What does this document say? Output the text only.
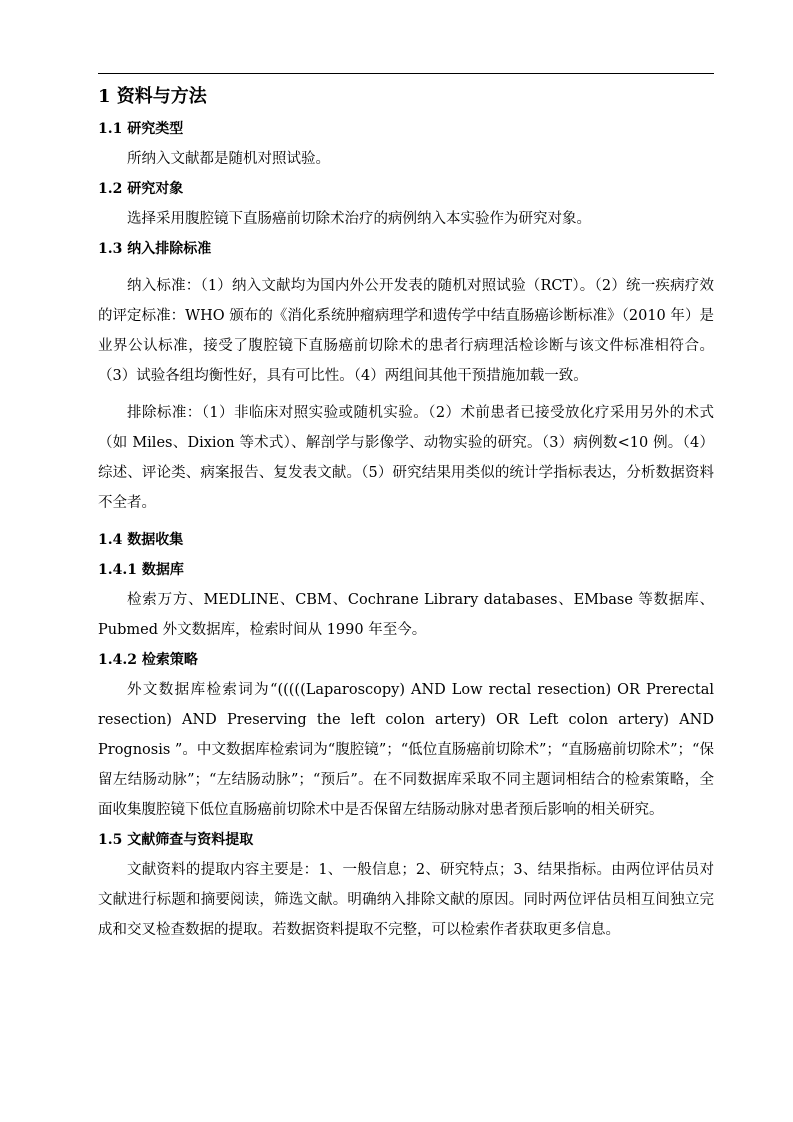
1 资料与方法
1.1 研究类型

所纳入文献都是随机对照试验。

1.2 研究对象

选择采用腹腔镜下直肠癌前切除术治疗的病例纳入本实验作为研究对象。

1.3 纳入排除标准

纳入标准：（1）纳入文献均为国内外公开发表的随机对照试验（RCT）。（2）统一疾病疗效的评定标准：WHO 颁布的《消化系统肿瘤病理学和遗传学中结直肠癌诊断标准》（2010 年）是业界公认标准，接受了腹腔镜下直肠癌前切除术的患者行病理活检诊断与该文件标准相符合。（3）试验各组均衡性好，具有可比性。（4）两组间其他干预措施加载一致。

排除标准：（1）非临床对照实验或随机实验。（2）术前患者已接受放化疗采用另外的术式（如 Miles、Dixion 等术式）、解剖学与影像学、动物实验的研究。（3）病例数<10 例。（4）综述、评论类、病案报告、复发表文献。（5）研究结果用类似的统计学指标表达，分析数据资料不全者。

1.4 数据收集
1.4.1 数据库

检索万方、MEDLINE、CBM、Cochrane Library databases、EMbase 等数据库、Pubmed 外文数据库，检索时间从 1990 年至今。

1.4.2 检索策略

外文数据库检索词为“(((((Laparoscopy) AND Low rectal resection) OR Prerectal resection) AND Preserving the left colon artery) OR Left colon artery) AND Prognosis ”。中文数据库检索词为“腹腔镜”；“低位直肠癌前切除术”；“直肠癌前切除术”；“保留左结肠动脉”；“左结肠动脉”；“预后”。在不同数据库采取不同主题词相结合的检索策略，全面收集腹腔镜下低位直肠癌前切除术中是否保留左结肠动脉对患者预后影响的相关研究。

1.5 文献筛查与资料提取

文献资料的提取内容主要是：1、一般信息；2、研究特点；3、结果指标。由两位评估员对文献进行标题和摘要阅读，筛选文献。明确纳入排除文献的原因。同时两位评估员相互间独立完成和交叉检查数据的提取。若数据资料提取不完整，可以检索作者获取更多信息。
